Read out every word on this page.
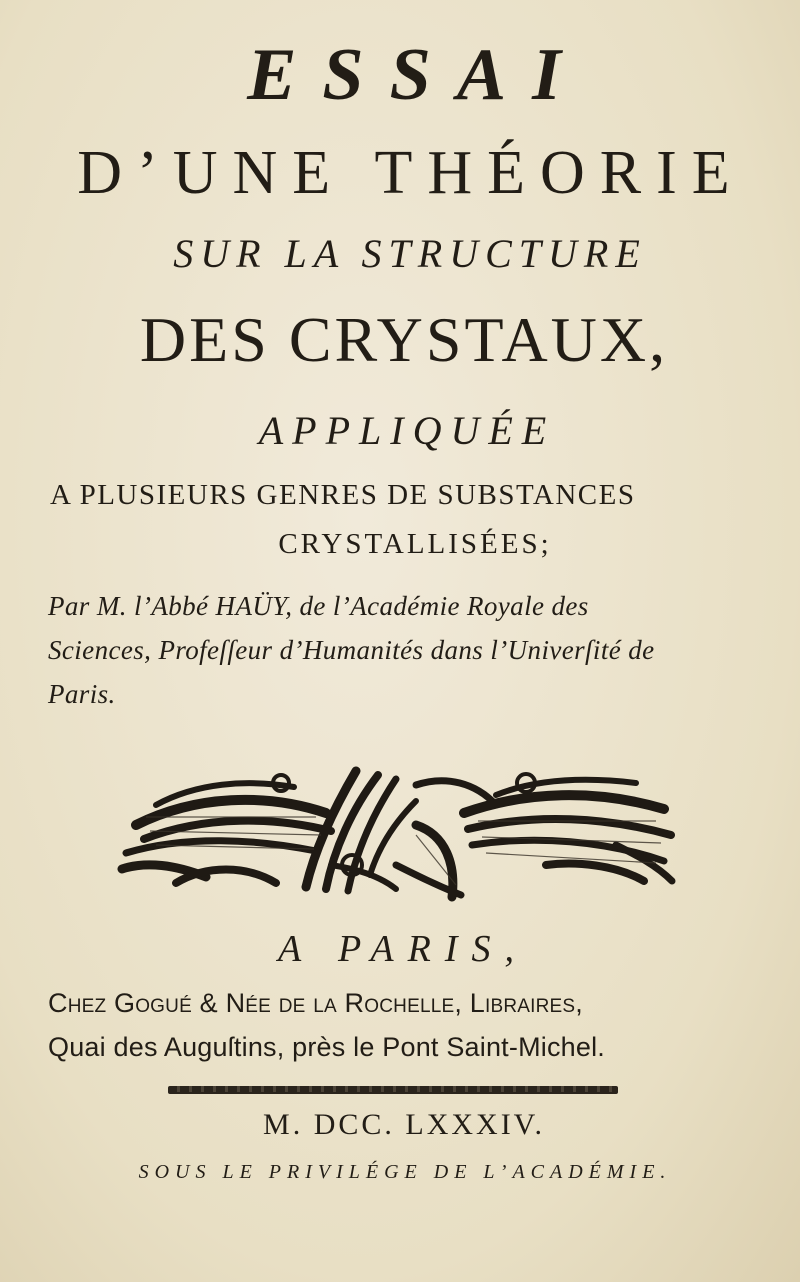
ESSAI
D’UNE THÉORIE
SUR LA STRUCTURE
DES CRYSTAUX,
APPLIQUÉE
A PLUSIEURS GENRES DE SUBSTANCES
CRYSTALLISÉES;
Par M. l’Abbé HAÜY, de l’Académie Royale des
Sciences, Profeſſeur d’Humanités dans l’Univerſité de
Paris.
A PARIS,
Chez Gogué & Née de la Rochelle, Libraires,
Quai des Auguſtins, près le Pont Saint-Michel.
M. DCC. LXXXIV.
SOUS LE PRIVILÉGE DE L’ACADÉMIE.
